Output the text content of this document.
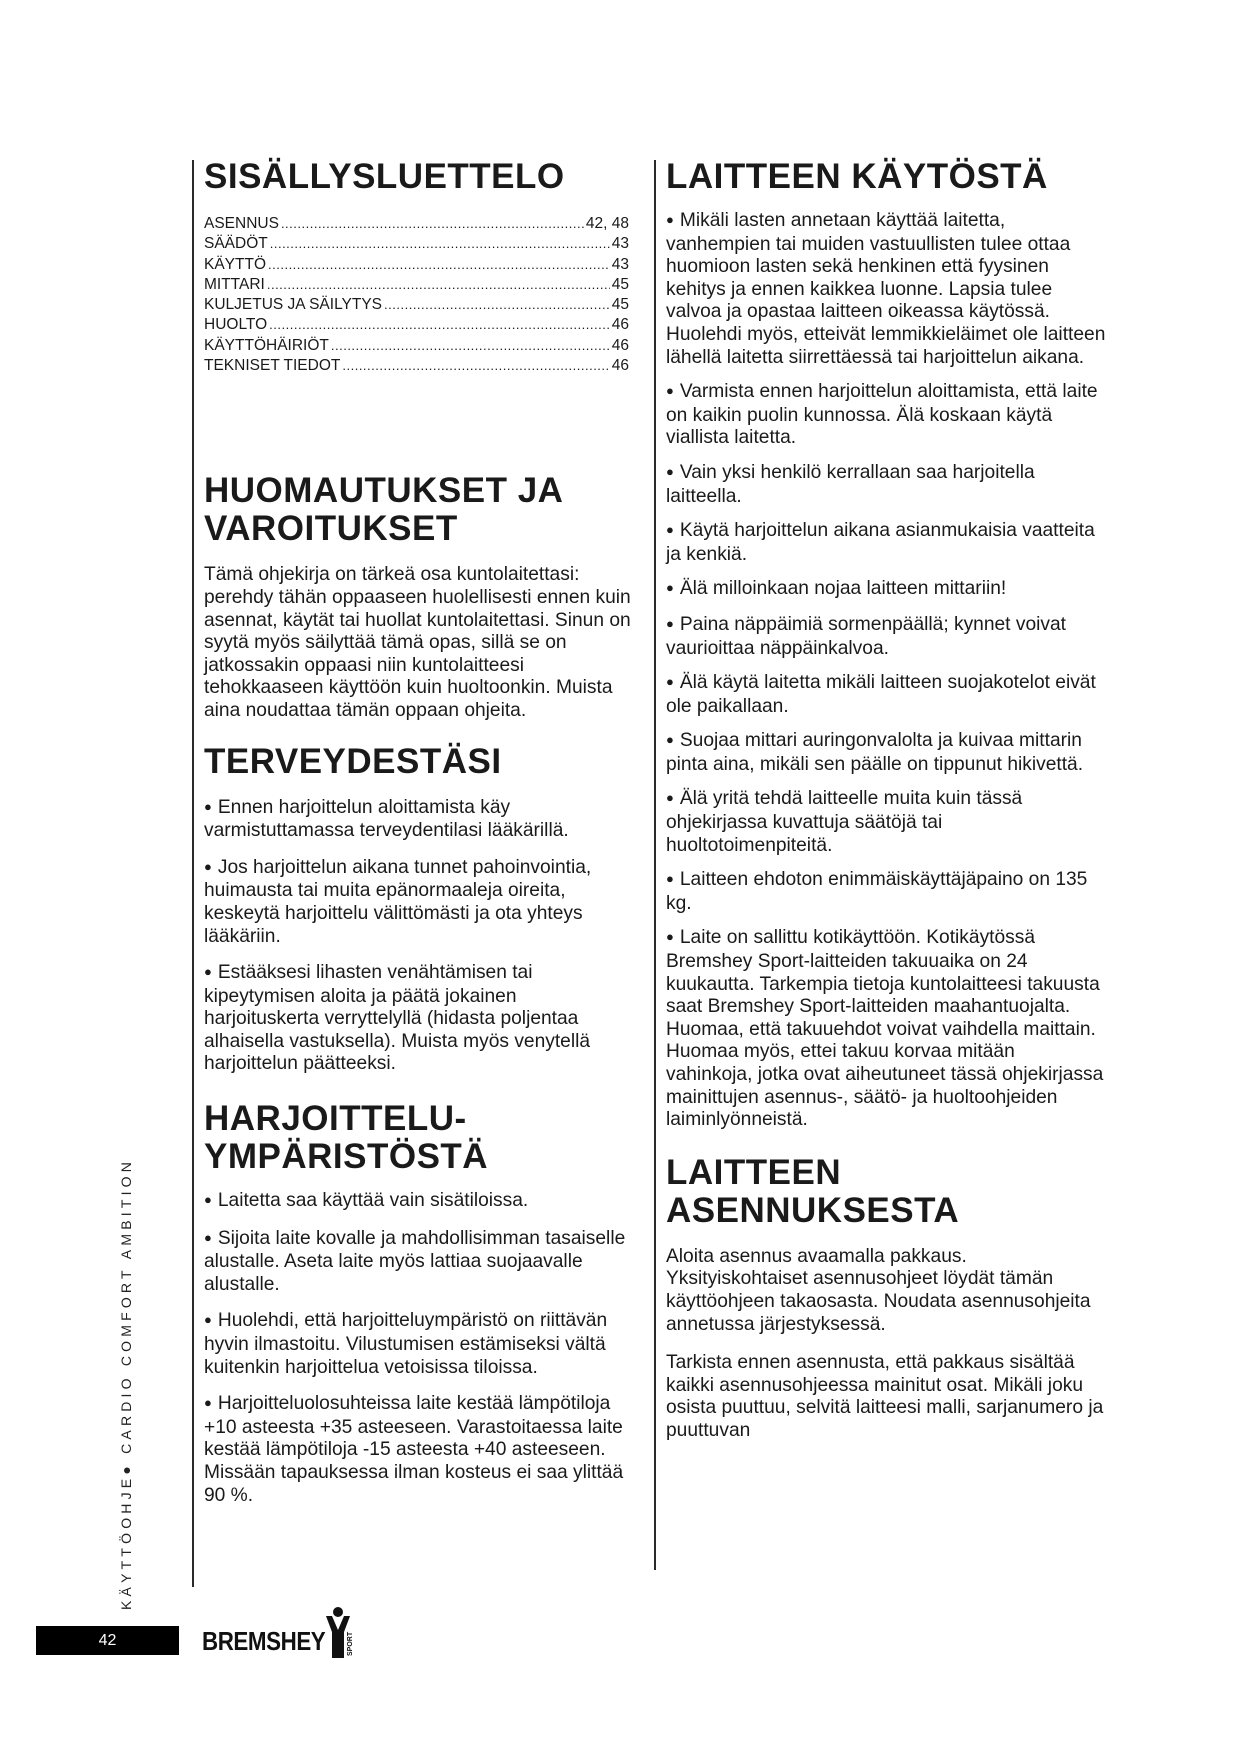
SISÄLLYSLUETTELO
ASENNUS .....	42, 48
SÄÄDÖT .....	43
KÄYTTÖ .....	43
MITTARI .....	45
KULJETUS JA SÄILYTYS .....	45
HUOLTO .....	46
KÄYTTÖHÄIRIÖT .....	46
TEKNISET TIEDOT .....	46
HUOMAUTUKSET JA
VAROITUKSET

Tämä ohjekirja on tärkeä osa kuntolaitettasi: perehdy tähän oppaaseen huolellisesti ennen kuin asennat, käytät tai huollat kuntolaitettasi. Sinun on syytä myös säilyttää tämä opas, sillä se on jatkossakin oppaasi niin kuntolaitteesi tehokkaaseen käyttöön kuin huoltoonkin. Muista aina noudattaa tämän oppaan ohjeita.

TERVEYDESTÄSI

● Ennen harjoittelun aloittamista käy varmistuttamassa terveydentilasi lääkärillä.

● Jos harjoittelun aikana tunnet pahoinvointia, huimausta tai muita epänormaaleja oireita, keskeytä harjoittelu välittömästi ja ota yhteys lääkäriin.

● Estääksesi lihasten venähtämisen tai kipeytymisen aloita ja päätä jokainen harjoituskerta verryttelyllä (hidasta poljentaa alhaisella vastuksella). Muista myös venytellä harjoittelun päätteeksi.

HARJOITTELU-
YMPÄRISTÖSTÄ

● Laitetta saa käyttää vain sisätiloissa.

● Sijoita laite kovalle ja mahdollisimman tasaiselle alustalle. Aseta laite myös lattiaa suojaavalle alustalle.

● Huolehdi, että harjoitteluympäristö on riittävän hyvin ilmastoitu. Vilustumisen estämiseksi vältä kuitenkin harjoittelua vetoisissa tiloissa.

● Harjoitteluolosuhteissa laite kestää lämpötiloja +10 asteesta +35 asteeseen. Varastoitaessa laite kestää lämpötiloja -15 asteesta +40 asteeseen. Missään tapauksessa ilman kosteus ei saa ylittää 90 %.

LAITTEEN KÄYTÖSTÄ

● Mikäli lasten annetaan käyttää laitetta, vanhempien tai muiden vastuullisten tulee ottaa huomioon lasten sekä henkinen että fyysinen kehitys ja ennen kaikkea luonne. Lapsia tulee valvoa ja opastaa laitteen oikeassa käytössä. Huolehdi myös, etteivät lemmikkieläimet ole laitteen lähellä laitetta siirrettäessä tai harjoittelun aikana.

● Varmista ennen harjoittelun aloittamista, että laite on kaikin puolin kunnossa. Älä koskaan käytä viallista laitetta.

● Vain yksi henkilö kerrallaan saa harjoitella laitteella.

● Käytä harjoittelun aikana asianmukaisia vaatteita ja kenkiä.

● Älä milloinkaan nojaa laitteen mittariin!

● Paina näppäimiä sormenpäällä; kynnet voivat vaurioittaa näppäinkalvoa.

● Älä käytä laitetta mikäli laitteen suojakotelot eivät ole paikallaan.

● Suojaa mittari auringonvalolta ja kuivaa mittarin pinta aina, mikäli sen päälle on tippunut hikivettä.

● Älä yritä tehdä laitteelle muita kuin tässä ohjekirjassa kuvattuja säätöjä tai huoltotoimenpiteitä.

● Laitteen ehdoton enimmäiskäyttäjäpaino on 135 kg.

● Laite on sallittu kotikäyttöön. Kotikäytössä Bremshey Sport-laitteiden takuuaika on 24 kuukautta. Tarkempia tietoja kuntolaitteesi takuusta saat Bremshey Sport-laitteiden maahantuojalta. Huomaa, että takuuehdot voivat vaihdella maittain. Huomaa myös, ettei takuu korvaa mitään vahinkoja, jotka ovat aiheutuneet tässä ohjekirjassa mainittujen asennus-, säätö- ja huoltoohjeiden laiminlyönneistä.

LAITTEEN
ASENNUKSESTA

Aloita asennus avaamalla pakkaus. Yksityiskohtaiset asennusohjeet löydät tämän käyttöohjeen takaosasta. Noudata asennusohjeita annetussa järjestyksessä.

Tarkista ennen asennusta, että pakkaus sisältää kaikki asennusohjeessa mainitut osat. Mikäli joku osista puuttuu, selvitä laitteesi malli, sarjanumero ja puuttuvan

KÄYTTÖOHJE● CARDIO COMFORT AMBITION
42	BREMSHEY	SPORT
